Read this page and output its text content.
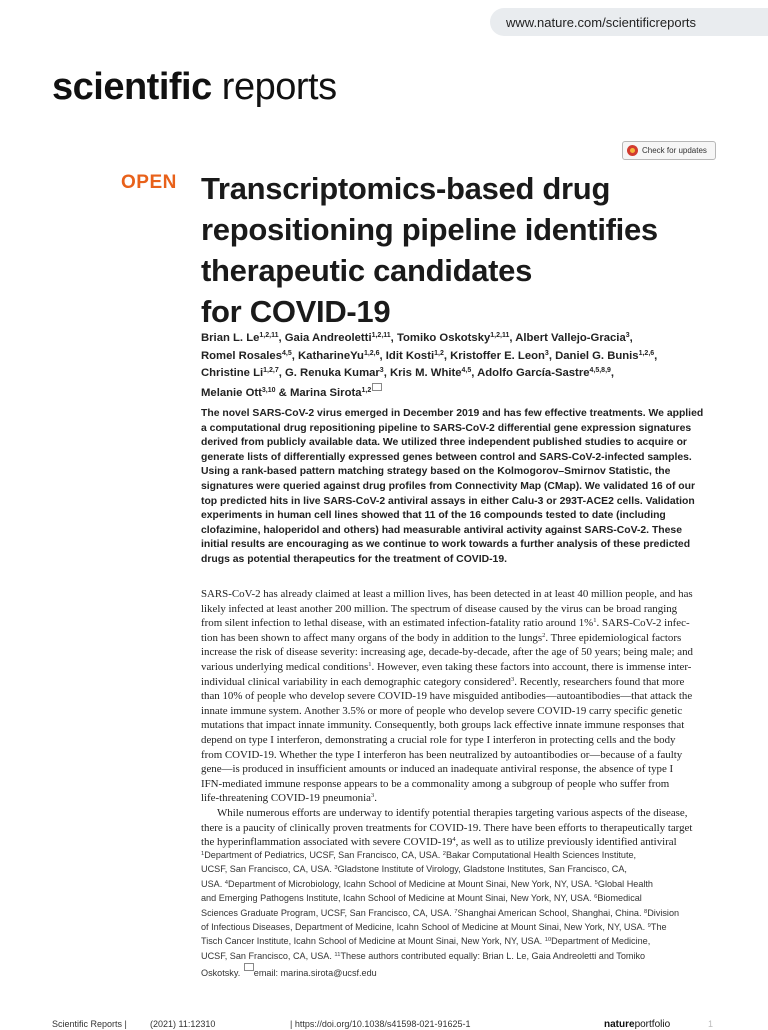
www.nature.com/scientificreports
scientific reports
Check for updates
OPEN Transcriptomics-based drug
repositioning pipeline identifies
therapeutic candidates
for COVID-19
Brian L. Le$^{1,2,11}$, Gaia Andreoletti$^{1,2,11}$, Tomiko Oskotsky$^{1,2,11}$, Albert Vallejo-Gracia$^3$,
Romel Rosales$^{4,5}$, KatharineYu$^{1,2,6}$, Idit Kosti$^{1,2}$, Kristoffer E. Leon$^3$, Daniel G. Bunis$^{1,2,6}$,
Christine Li$^{1,2,7}$, G. Renuka Kumar$^3$, Kris M. White$^{4,5}$, Adolfo García-Sastre$^{4,5,8,9}$,
Melanie Ott$^{3,10}$ & Marina Sirota$^{1,2}$
The novel SARS-CoV-2 virus emerged in December 2019 and has few effective treatments. We applied
a computational drug repositioning pipeline to SARS-CoV-2 differential gene expression signatures
derived from publicly available data. We utilized three independent published studies to acquire or
generate lists of differentially expressed genes between control and SARS-CoV-2-infected samples.
Using a rank-based pattern matching strategy based on the Kolmogorov–Smirnov Statistic, the
signatures were queried against drug profiles from Connectivity Map (CMap). We validated 16 of our
top predicted hits in live SARS-CoV-2 antiviral assays in either Calu-3 or 293T-ACE2 cells. Validation
experiments in human cell lines showed that 11 of the 16 compounds tested to date (including
clofazimine, haloperidol and others) had measurable antiviral activity against SARS-CoV-2. These
initial results are encouraging as we continue to work towards a further analysis of these predicted
drugs as potential therapeutics for the treatment of COVID-19.
SARS-CoV-2 has already claimed at least a million lives, has been detected in at least 40 million people, and has
likely infected at least another 200 million. The spectrum of disease caused by the virus can be broad ranging
from silent infection to lethal disease, with an estimated infection-fatality ratio around 1%$^1$. SARS-CoV-2 infec-
tion has been shown to affect many organs of the body in addition to the lungs$^2$. Three epidemiological factors
increase the risk of disease severity: increasing age, decade-by-decade, after the age of 50 years; being male; and
various underlying medical conditions$^1$. However, even taking these factors into account, there is immense inter-
individual clinical variability in each demographic category considered$^3$. Recently, researchers found that more
than 10% of people who develop severe COVID-19 have misguided antibodies—autoantibodies—that attack the
innate immune system. Another 3.5% or more of people who develop severe COVID-19 carry specific genetic
mutations that impact innate immunity. Consequently, both groups lack effective innate immune responses that
depend on type I interferon, demonstrating a crucial role for type I interferon in protecting cells and the body
from COVID-19. Whether the type I interferon has been neutralized by autoantibodies or—because of a faulty
gene—is produced in insufficient amounts or induced an inadequate antiviral response, the absence of type I
IFN-mediated immune response appears to be a commonality among a subgroup of people who suffer from
life-threatening COVID-19 pneumonia$^3$.
While numerous efforts are underway to identify potential therapies targeting various aspects of the disease,
there is a paucity of clinically proven treatments for COVID-19. There have been efforts to therapeutically target
the hyperinflammation associated with severe COVID-$19^4$, as well as to utilize previously identified antiviral
$^1$Department of Pediatrics, UCSF, San Francisco, CA, USA. $^2$Bakar Computational Health Sciences Institute,
UCSF, San Francisco, CA, USA. $^3$Gladstone Institute of Virology, Gladstone Institutes, San Francisco, CA,
USA. $^4$Department of Microbiology, Icahn School of Medicine at Mount Sinai, New York, NY, USA. $^5$Global Health
and Emerging Pathogens Institute, Icahn School of Medicine at Mount Sinai, New York, NY, USA. $^6$Biomedical
Sciences Graduate Program, UCSF, San Francisco, CA, USA. $^7$Shanghai American School, Shanghai, China. $^8$Division
of Infectious Diseases, Department of Medicine, Icahn School of Medicine at Mount Sinai, New York, NY, USA. $^9$The
Tisch Cancer Institute, Icahn School of Medicine at Mount Sinai, New York, NY, USA. $^{10}$Department of Medicine,
UCSF, San Francisco, CA, USA. $^{11}$These authors contributed equally: Brian L. Le, Gaia Andreoletti and Tomiko
Oskotsky. email: marina.sirota@ucsf.edu
Scientific Reports |	(2021) 11:12310	| https://doi.org/10.1038/s41598-021-91625-1	natureportfolio	1
